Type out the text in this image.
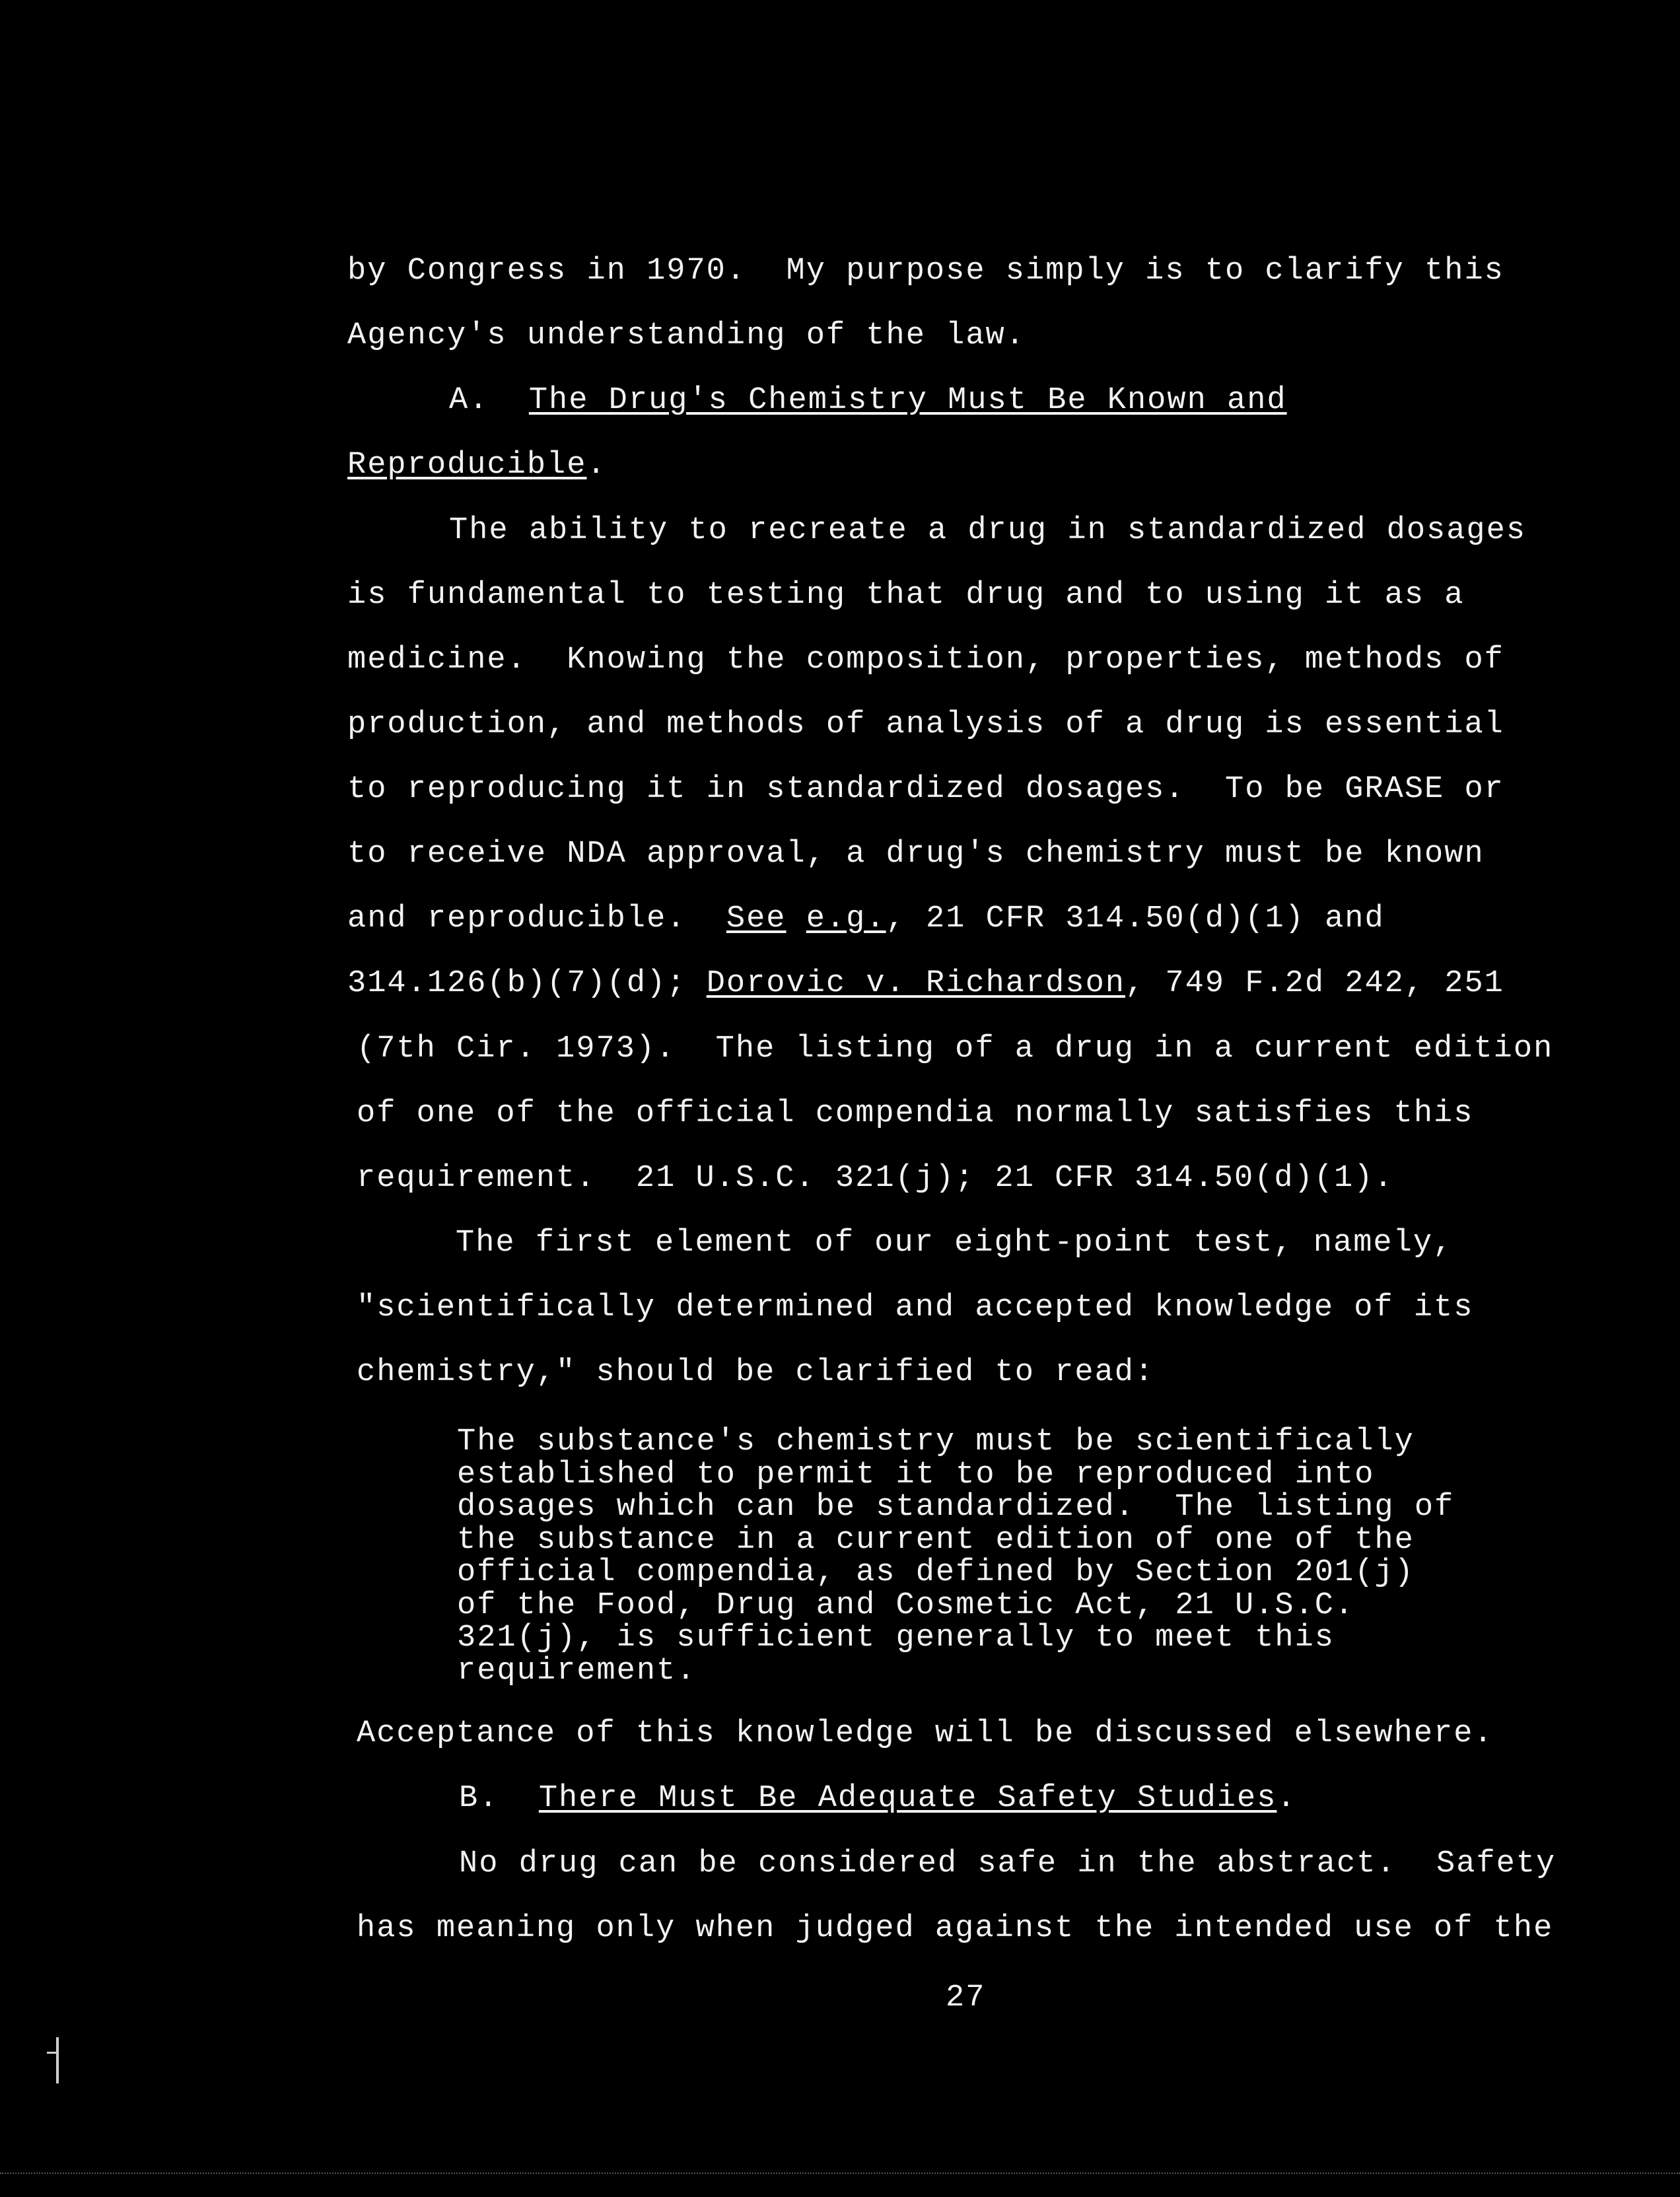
by Congress in 1970.  My purpose simply is to clarify this
Agency's understanding of the law.
A. The Drug's Chemistry Must Be Known and
Reproducible.
The ability to recreate a drug in standardized dosages
is fundamental to testing that drug and to using it as a
medicine.  Knowing the composition, properties, methods of
production, and methods of analysis of a drug is essential
to reproducing it in standardized dosages.  To be GRASE or
to receive NDA approval, a drug's chemistry must be known
and reproducible.  See e.g., 21 CFR 314.50(d)(1) and
314.126(b)(7)(d); Dorovic v. Richardson, 749 F.2d 242, 251
(7th Cir. 1973).  The listing of a drug in a current edition
of one of the official compendia normally satisfies this
requirement.  21 U.S.C. 321(j); 21 CFR 314.50(d)(1).
The first element of our eight-point test, namely,
"scientifically determined and accepted knowledge of its
chemistry," should be clarified to read:
The substance's chemistry must be scientifically
established to permit it to be reproduced into
dosages which can be standardized.  The listing of
the substance in a current edition of one of the
official compendia, as defined by Section 201(j)
of the Food, Drug and Cosmetic Act, 21 U.S.C.
321(j), is sufficient generally to meet this
requirement.
Acceptance of this knowledge will be discussed elsewhere.
B. There Must Be Adequate Safety Studies.
No drug can be considered safe in the abstract.  Safety
has meaning only when judged against the intended use of the
27
